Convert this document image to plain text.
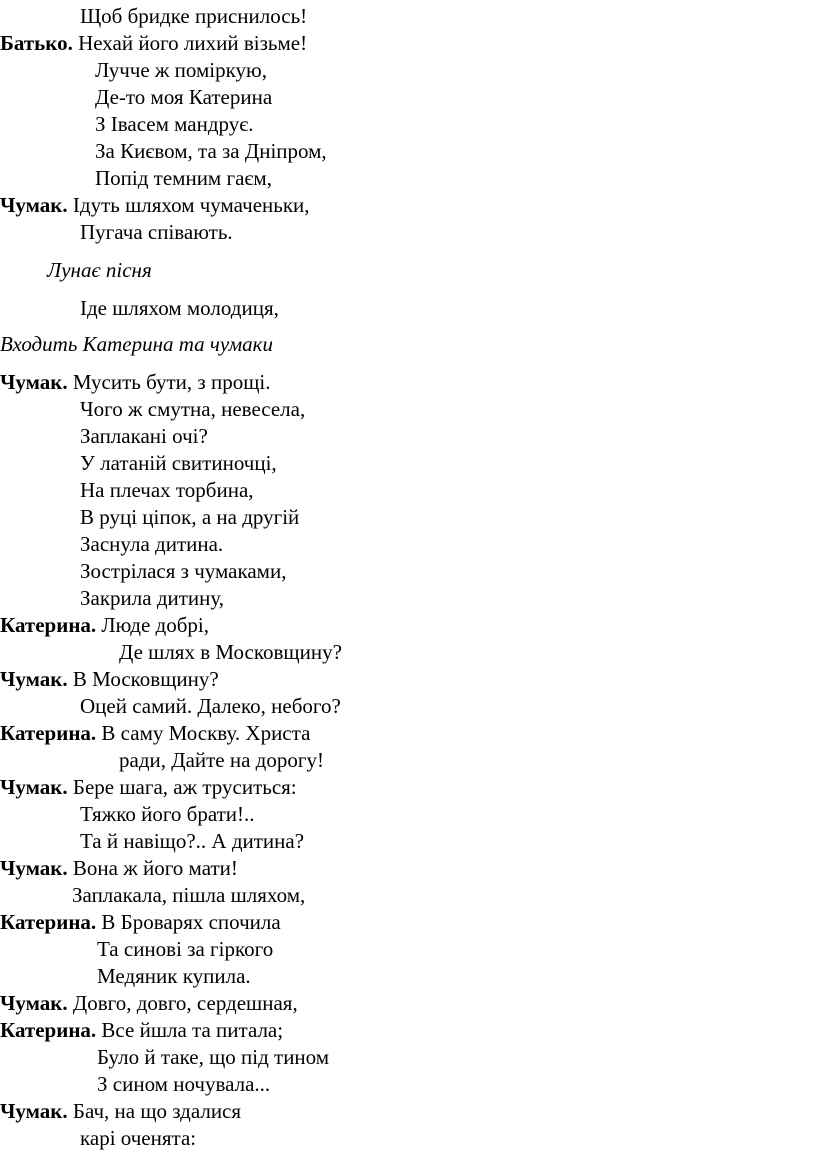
Щоб бридке приснилось!
Батько. Нехай його лихий візьме!
Лучче ж поміркую,
Де-то моя Катерина
З Івасем мандрує.
За Києвом, та за Дніпром,
Попід темним гаєм,
Чумак. Ідуть шляхом чумаченьки,
Пугача співають.
Лунає пісня
Іде шляхом молодиця,
Входить Катерина та чумаки
Чумак. Мусить бути, з прощі.
Чого ж смутна, невесела,
Заплакані очі?
У латаній свитиночці,
На плечах торбина,
В руці ціпок, а на другій
Заснула дитина.
Зострілася з чумаками,
Закрила дитину,
Катерина. Люде добрі,
Де шлях в Московщину?
Чумак. В Московщину?
Оцей самий. Далеко, небого?
Катерина. В саму Москву. Христа
ради, Дайте на дорогу!
Чумак. Бере шага, аж труситься:
Тяжко його брати!..
Та й навіщо?.. А дитина?
Чумак. Вона ж його мати!
Заплакала, пішла шляхом,
Катерина. В Броварях спочила
Та синові за гіркого
Медяник купила.
Чумак. Довго, довго, сердешная,
Катерина. Все йшла та питала;
Було й таке, що під тином
З сином ночувала...
Чумак. Бач, на що здалися
карі оченята:
